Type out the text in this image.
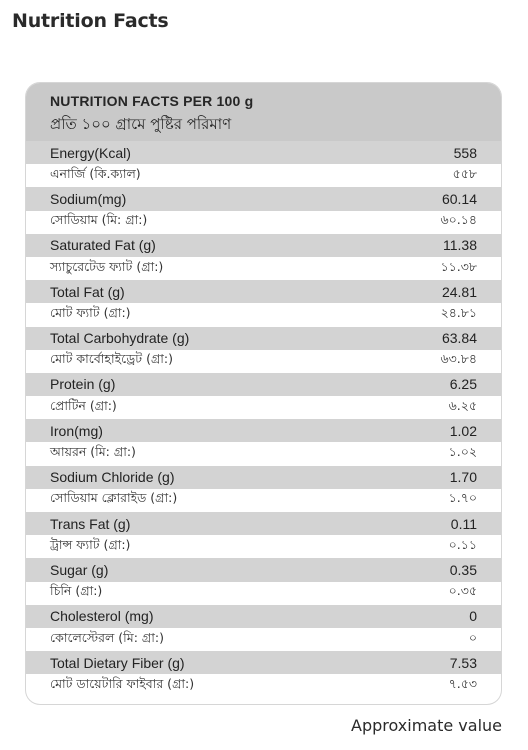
Nutrition Facts
NUTRITION FACTS PER 100 g
প্রতি ১০০ গ্রামে পুষ্টির পরিমাণ
Energy(Kcal)	558
এনার্জি (কি.ক্যাল)	৫৫৮
Sodium(mg)	60.14
সোডিয়াম (মি: গ্রা:)	৬০.১৪
Saturated Fat (g)	11.38
স্যাচুরেটেড ফ্যাট (গ্রা:)	১১.৩৮
Total Fat (g)	24.81
মোট ফ্যাট (গ্রা:)	২৪.৮১
Total Carbohydrate (g)	63.84
মোট কার্বোহাইড্রেট (গ্রা:)	৬৩.৮৪
Protein (g)	6.25
প্রোটিন (গ্রা:)	৬.২৫
Iron(mg)	1.02
আয়রন (মি: গ্রা:)	১.০২
Sodium Chloride (g)	1.70
সোডিয়াম ক্লোরাইড (গ্রা:)	১.৭০
Trans Fat (g)	0.11
ট্রান্স ফ্যাট (গ্রা:)	০.১১
Sugar (g)	0.35
চিনি (গ্রা:)	০.৩৫
Cholesterol (mg)	0
কোলেস্টেরল (মি: গ্রা:)	০
Total Dietary Fiber (g)	7.53
মোট ডায়েটারি ফাইবার (গ্রা:)	৭.৫৩
Approximate value
